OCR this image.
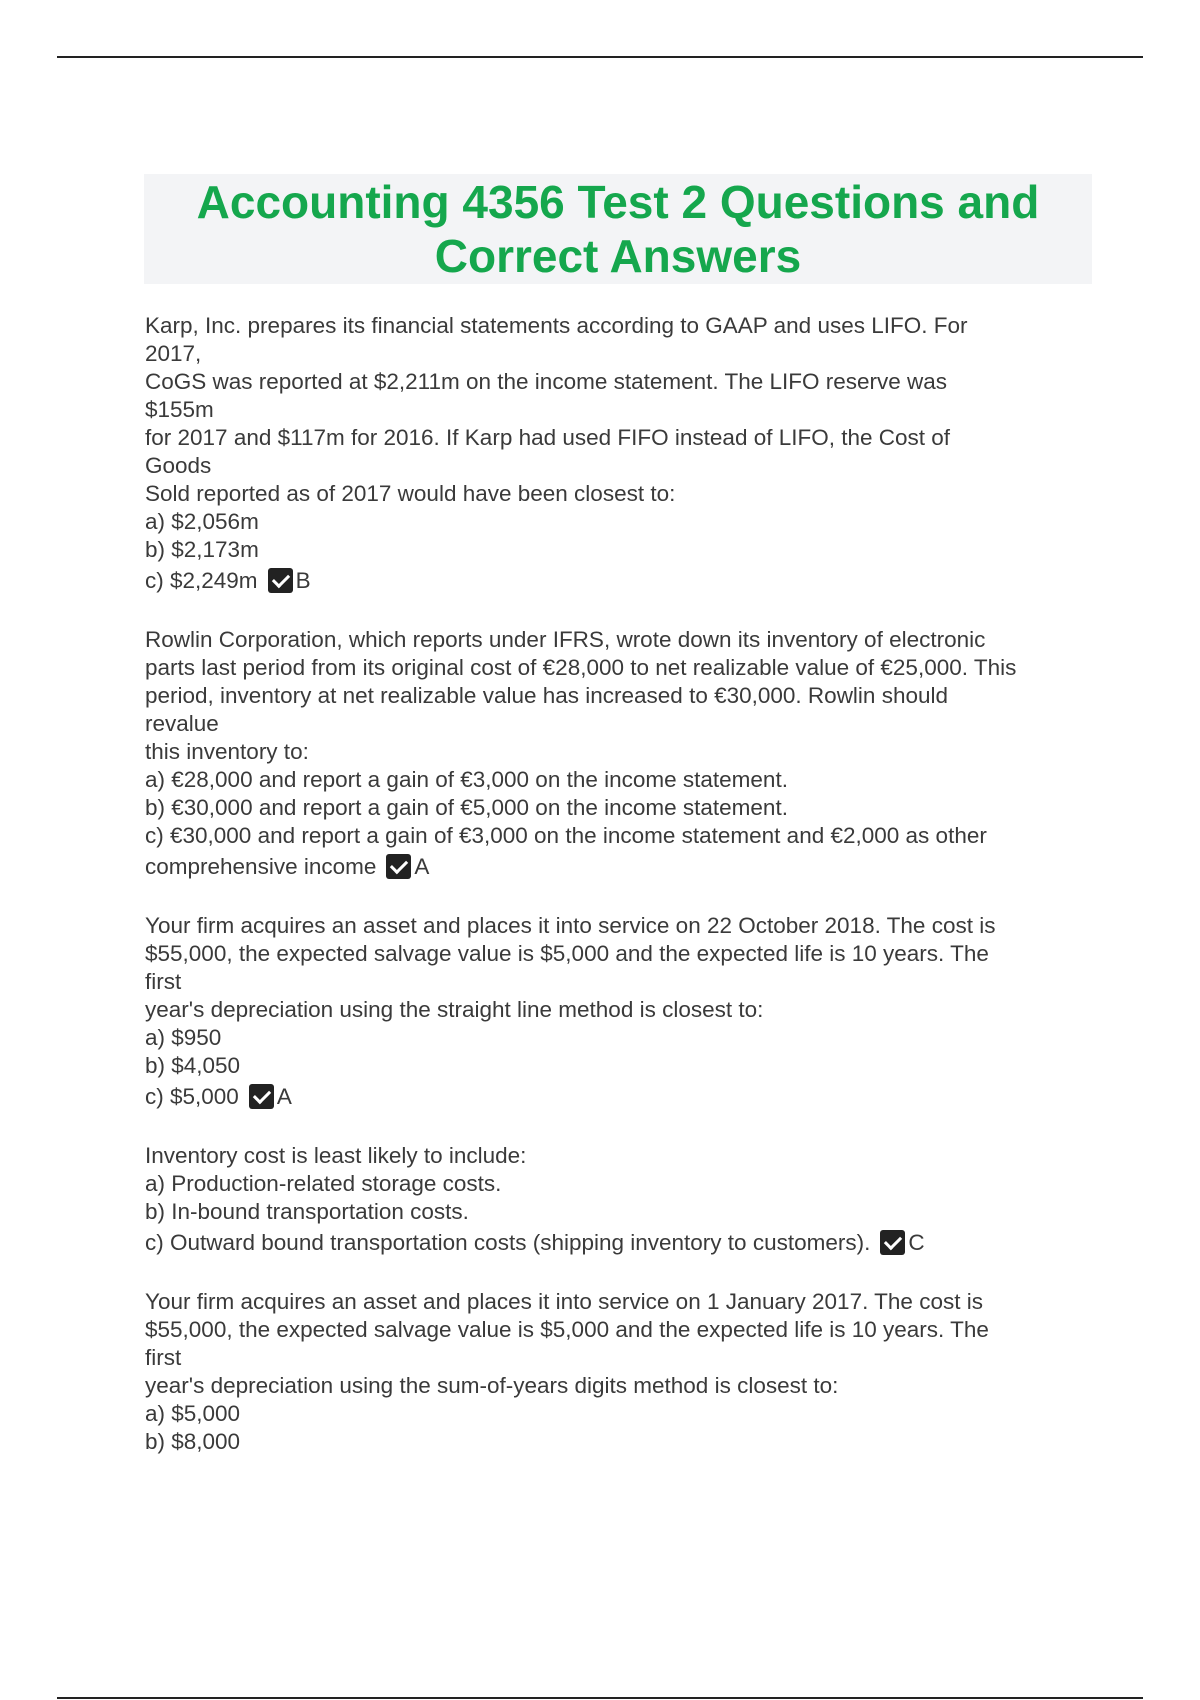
Accounting 4356 Test 2 Questions and
Correct Answers
Karp, Inc. prepares its financial statements according to GAAP and uses LIFO. For
2017,
CoGS was reported at $2,211m on the income statement. The LIFO reserve was
$155m
for 2017 and $117m for 2016. If Karp had used FIFO instead of LIFO, the Cost of
Goods
Sold reported as of 2017 would have been closest to:
a) $2,056m
b) $2,173m
c) $2,249m B
Rowlin Corporation, which reports under IFRS, wrote down its inventory of electronic
parts last period from its original cost of €28,000 to net realizable value of €25,000. This
period, inventory at net realizable value has increased to €30,000. Rowlin should
revalue
this inventory to:
a) €28,000 and report a gain of €3,000 on the income statement.
b) €30,000 and report a gain of €5,000 on the income statement.
c) €30,000 and report a gain of €3,000 on the income statement and €2,000 as other
comprehensive income A
Your firm acquires an asset and places it into service on 22 October 2018. The cost is
$55,000, the expected salvage value is $5,000 and the expected life is 10 years. The
first
year's depreciation using the straight line method is closest to:
a) $950
b) $4,050
c) $5,000 A
Inventory cost is least likely to include:
a) Production-related storage costs.
b) In-bound transportation costs.
c) Outward bound transportation costs (shipping inventory to customers). C
Your firm acquires an asset and places it into service on 1 January 2017. The cost is
$55,000, the expected salvage value is $5,000 and the expected life is 10 years. The
first
year's depreciation using the sum-of-years digits method is closest to:
a) $5,000
b) $8,000
